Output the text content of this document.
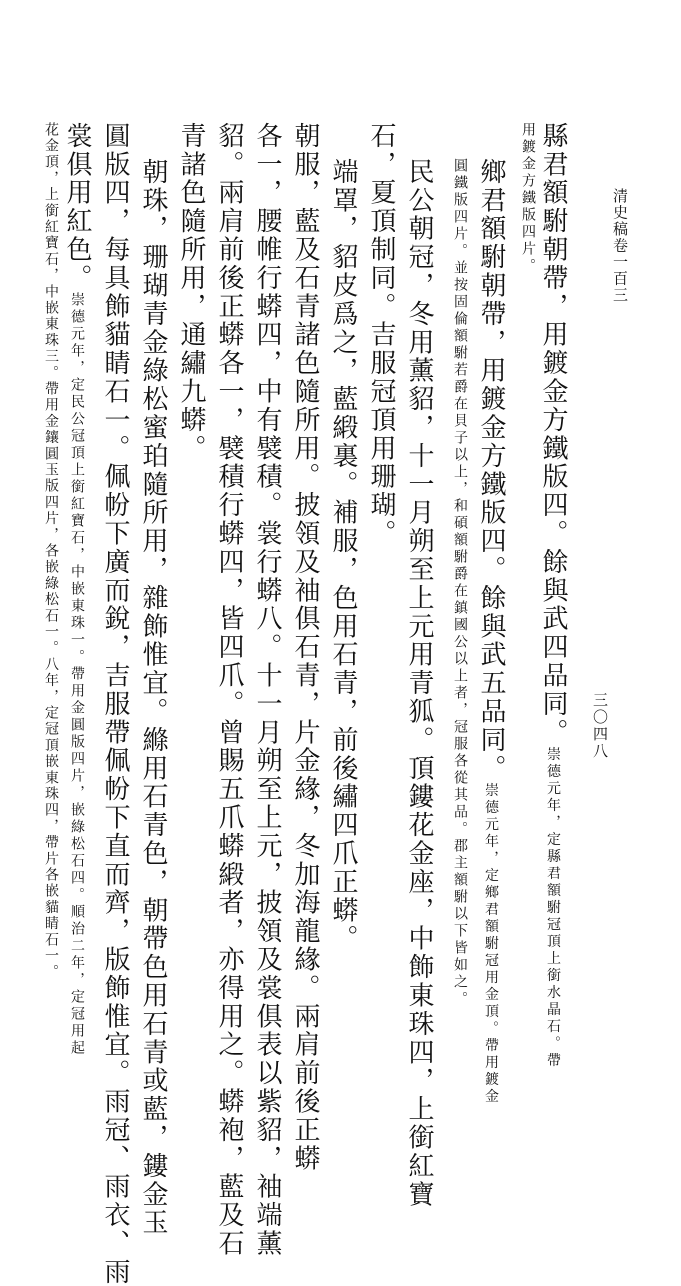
清史稿卷一百三
三〇四八
縣君額駙朝帶，用鍍金方鐵版四。餘與武四品同。崇德元年，定縣君額駙冠頂上銜水晶石。帶
用鍍金方鐵版四片。
鄉君額駙朝帶，用鍍金方鐵版四。餘與武五品同。崇德元年，定鄉君額駙冠用金頂。帶用鍍金
圓鐵版四片。並按固倫額駙若爵在貝子以上，和碩額駙爵在鎮國公以上者，冠服各從其品。郡主額駙以下皆如之。
民公朝冠，冬用薰貂，十一月朔至上元用青狐。頂鏤花金座，中飾東珠四，上銜紅寶
石，夏頂制同。吉服冠頂用珊瑚。
端罩，貂皮爲之，藍緞裏。補服，色用石青，前後繡四爪正蟒。
朝服，藍及石青諸色隨所用。披領及袖俱石青，片金緣，冬加海龍緣。兩肩前後正蟒
各一，腰帷行蟒四，中有襞積。裳行蟒八。十一月朔至上元，披領及裳俱表以紫貂，袖端薰
貂。兩肩前後正蟒各一，襞積行蟒四，皆四爪。曾賜五爪蟒緞者，亦得用之。蟒袍，藍及石
青諸色隨所用，通繡九蟒。
朝珠，珊瑚青金綠松蜜珀隨所用，雜飾惟宜。縧用石青色，朝帶色用石青或藍，鏤金玉
圓版四，每具飾貓睛石一。佩帉下廣而銳，吉服帶佩帉下直而齊，版飾惟宜。雨冠、雨衣、雨
裳俱用紅色。崇德元年，定民公冠頂上銜紅寶石，中嵌東珠一。帶用金圓版四片，嵌綠松石四。順治二年，定冠用起
花金頂，上銜紅寶石，中嵌東珠三。帶用金鑲圓玉版四片，各嵌綠松石一。八年，定冠頂嵌東珠四，帶片各嵌貓睛石一。
